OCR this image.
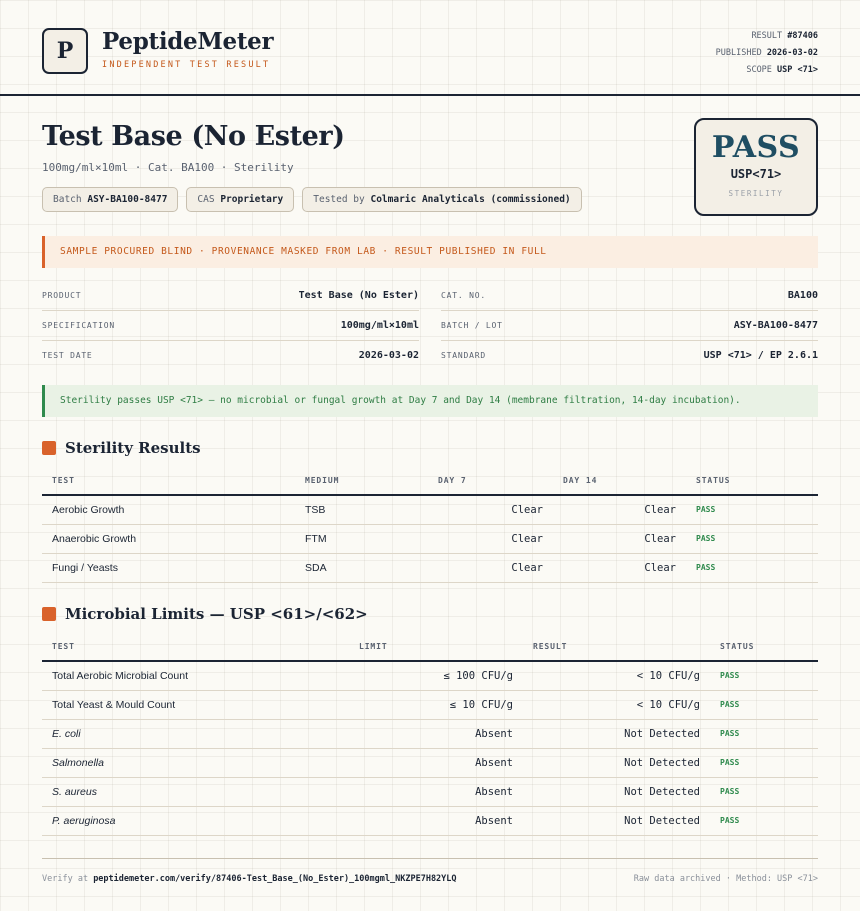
P	PeptideMeter
INDEPENDENT TEST RESULT
RESULT #87406
PUBLISHED 2026-03-02
SCOPE USP <71>
Test Base (No Ester)
100mg/ml×10ml · Cat. BA100 · Sterility
Batch ASY-BA100-8477	CAS Proprietary	Tested by Colmaric Analyticals (commissioned)
PASS
USP<71>
STERILITY
SAMPLE PROCURED BLIND · PROVENANCE MASKED FROM LAB · RESULT PUBLISHED IN FULL
PRODUCT	Test Base (No Ester)
SPECIFICATION	100mg/ml×10ml
TEST DATE	2026-03-02
CAT. NO.	BA100
BATCH / LOT	ASY-BA100-8477
STANDARD	USP <71> / EP 2.6.1
Sterility passes USP <71> — no microbial or fungal growth at Day 7 and Day 14 (membrane filtration, 14-day incubation).
Sterility Results
TEST	MEDIUM	DAY 7	DAY 14	STATUS
Aerobic Growth	TSB	Clear	Clear	PASS
Anaerobic Growth	FTM	Clear	Clear	PASS
Fungi / Yeasts	SDA	Clear	Clear	PASS
Microbial Limits — USP <61>/<62>
TEST	LIMIT	RESULT	STATUS
Total Aerobic Microbial Count	≤ 100 CFU/g	< 10 CFU/g	PASS
Total Yeast & Mould Count	≤ 10 CFU/g	< 10 CFU/g	PASS
E. coli	Absent	Not Detected	PASS
Salmonella	Absent	Not Detected	PASS
S. aureus	Absent	Not Detected	PASS
P. aeruginosa	Absent	Not Detected	PASS
Verify at peptidemeter.com/verify/87406-Test_Base_(No_Ester)_100mgml_NKZPE7H82YLQ	Raw data archived · Method: USP <71>
